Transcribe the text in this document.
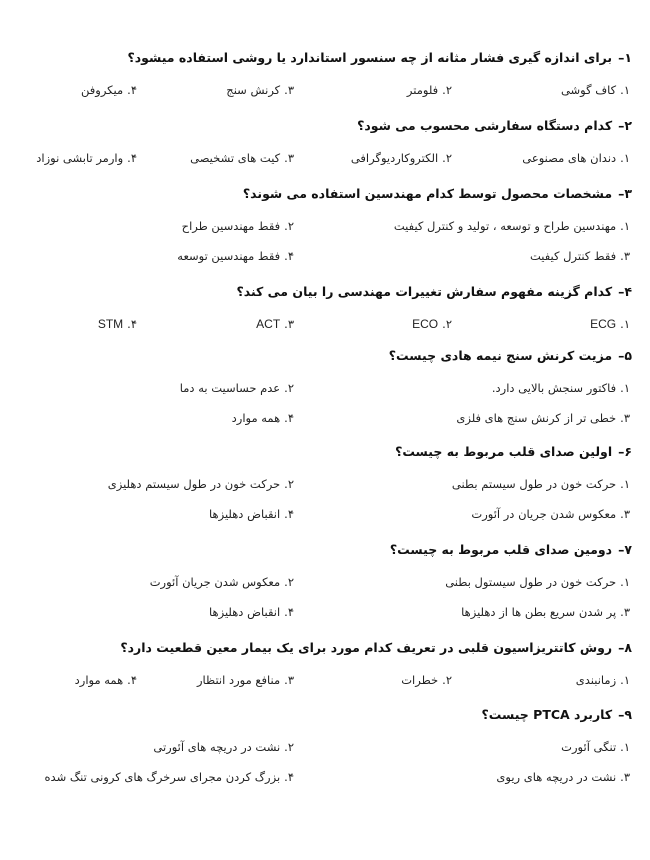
۱–برای اندازه گیری فشار مثانه از چه سنسور استاندارد یا روشی استفاده میشود؟
۱.کاف گوشی
۲.فلومتر
۳.کرنش سنج
۴.میکروفن
۲–کدام دستگاه سفارشی محسوب می شود؟
۱.دندان های مصنوعی
۲.الکتروکاردیوگرافی
۳.کیت های تشخیصی
۴.وارمر تابشی نوزاد
۳–مشخصات محصول توسط کدام مهندسین استفاده می شوند؟
۱.مهندسین طراح و توسعه ، تولید و کنترل کیفیت
۲.فقط مهندسین طراح
۳.فقط کنترل کیفیت
۴.فقط مهندسین توسعه
۴–کدام گزینه مفهوم سفارش تغییرات مهندسی را بیان می کند؟
۱.ECG
۲.ECO
۳.ACT
۴.STM
۵–مزیت کرنش سنج نیمه هادی چیست؟
۱.فاکتور سنجش بالایی دارد.
۲.عدم حساسیت به دما
۳.خطی تر از کرنش سنج های فلزی
۴.همه موارد
۶–اولین صدای قلب مربوط به چیست؟
۱.حرکت خون در طول سیستم بطنی
۲.حرکت خون در طول سیستم دهلیزی
۳.معکوس شدن جریان در آئورت
۴.انقباض دهلیزها
۷–دومین صدای قلب مربوط به چیست؟
۱.حرکت خون در طول سیستول بطنی
۲.معکوس شدن جریان آئورت
۳.پر شدن سریع بطن ها از دهلیزها
۴.انقباض دهلیزها
۸–روش کاتتریزاسیون قلبی در تعریف کدام مورد برای یک بیمار معین قطعیت دارد؟
۱.زمانبندی
۲.خطرات
۳.منافع مورد انتظار
۴.همه موارد
۹–کاربرد PTCA چیست؟
۱.تنگی آئورت
۲.نشت در دریچه های آئورتی
۳.نشت در دریچه های ریوی
۴.بزرگ کردن مجرای سرخرگ های کرونی تنگ شده
